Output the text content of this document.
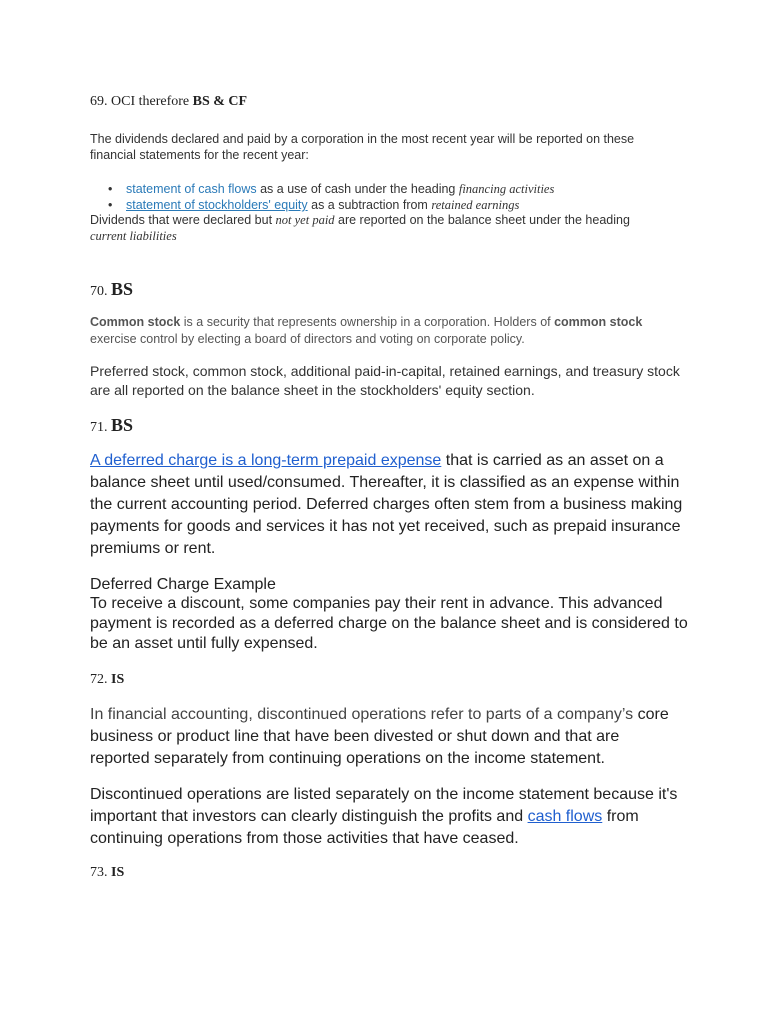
69. OCI therefore BS & CF
The dividends declared and paid by a corporation in the most recent year will be reported on these financial statements for the recent year:
• statement of cash flows as a use of cash under the heading financing activities
• statement of stockholders' equity as a subtraction from retained earnings
Dividends that were declared but not yet paid are reported on the balance sheet under the heading current liabilities
70. BS
Common stock is a security that represents ownership in a corporation. Holders of common stock exercise control by electing a board of directors and voting on corporate policy.
Preferred stock, common stock, additional paid-in-capital, retained earnings, and treasury stock are all reported on the balance sheet in the stockholders' equity section.
71. BS
A deferred charge is a long-term prepaid expense that is carried as an asset on a balance sheet until used/consumed. Thereafter, it is classified as an expense within the current accounting period. Deferred charges often stem from a business making payments for goods and services it has not yet received, such as prepaid insurance premiums or rent.
Deferred Charge Example
To receive a discount, some companies pay their rent in advance. This advanced payment is recorded as a deferred charge on the balance sheet and is considered to be an asset until fully expensed.
72. IS
In financial accounting, discontinued operations refer to parts of a company’s core business or product line that have been divested or shut down and that are reported separately from continuing operations on the income statement.
Discontinued operations are listed separately on the income statement because it's important that investors can clearly distinguish the profits and cash flows from continuing operations from those activities that have ceased.
73. IS
